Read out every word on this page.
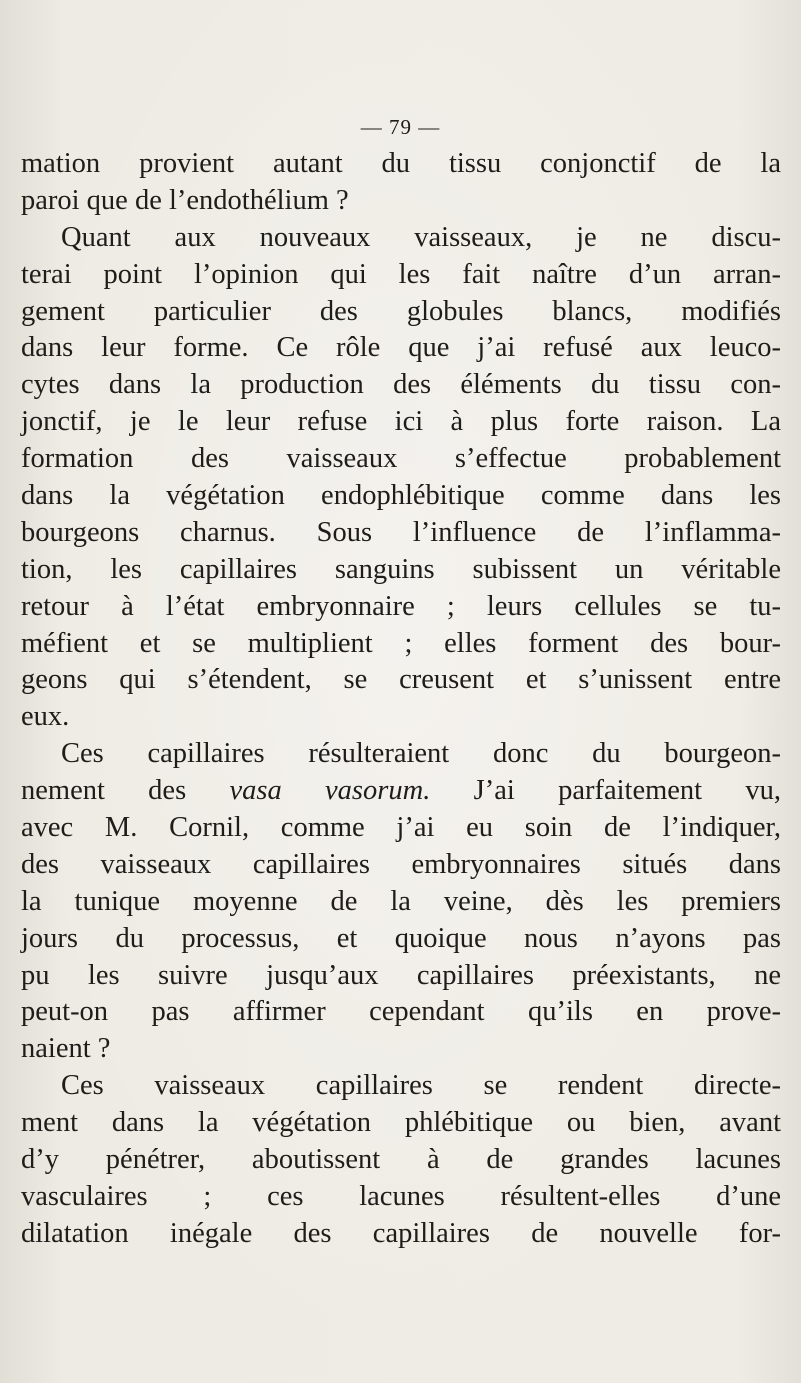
— 79 —
mation provient autant du tissu conjonctif de la
paroi que de l’endothélium ?
Quant aux nouveaux vaisseaux, je ne discu-
terai point l’opinion qui les fait naître d’un arran-
gement particulier des globules blancs, modifiés
dans leur forme. Ce rôle que j’ai refusé aux leuco-
cytes dans la production des éléments du tissu con-
jonctif, je le leur refuse ici à plus forte raison. La
formation des vaisseaux s’effectue probablement
dans la végétation endophlébitique comme dans les
bourgeons charnus. Sous l’influence de l’inflamma-
tion, les capillaires sanguins subissent un véritable
retour à l’état embryonnaire ; leurs cellules se tu-
méfient et se multiplient ; elles forment des bour-
geons qui s’étendent, se creusent et s’unissent entre
eux.
Ces capillaires résulteraient donc du bourgeon-
nement des vasa vasorum. J’ai parfaitement vu,
avec M. Cornil, comme j’ai eu soin de l’indiquer,
des vaisseaux capillaires embryonnaires situés dans
la tunique moyenne de la veine, dès les premiers
jours du processus, et quoique nous n’ayons pas
pu les suivre jusqu’aux capillaires préexistants, ne
peut-on pas affirmer cependant qu’ils en prove-
naient ?
Ces vaisseaux capillaires se rendent directe-
ment dans la végétation phlébitique ou bien, avant
d’y pénétrer, aboutissent à de grandes lacunes
vasculaires ; ces lacunes résultent-elles d’une
dilatation inégale des capillaires de nouvelle for-
